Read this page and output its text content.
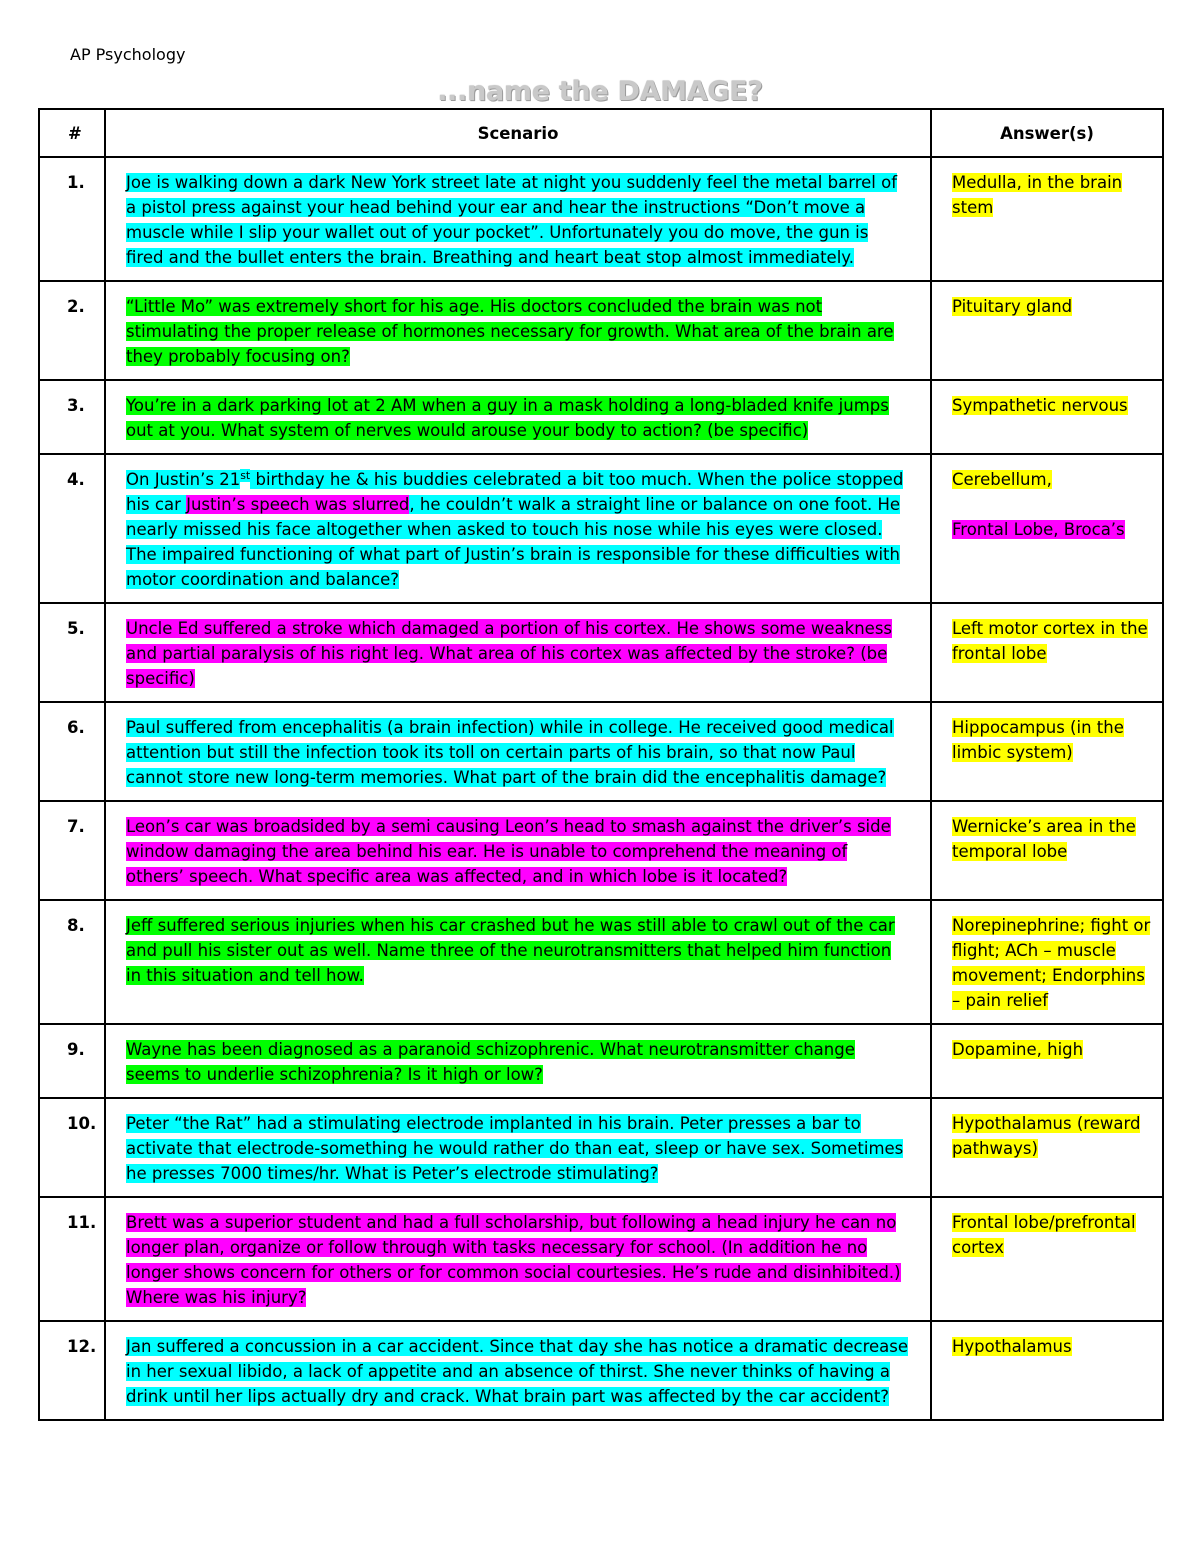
AP Psychology
...name the DAMAGE?
#	Scenario	Answer(s)
1.	Joe is walking down a dark New York street late at night you suddenly feel the metal barrel of a pistol press against your head behind your ear and hear the instructions “Don’t move a muscle while I slip your wallet out of your pocket”. Unfortunately you do move, the gun is fired and the bullet enters the brain. Breathing and heart beat stop almost immediately.	Medulla, in the brain stem

2.	“Little Mo” was extremely short for his age. His doctors concluded the brain was not stimulating the proper release of hormones necessary for growth. What area of the brain are they probably focusing on?	Pituitary gland

3.	You’re in a dark parking lot at 2 AM when a guy in a mask holding a long-bladed knife jumps out at you. What system of nerves would arouse your body to action? (be specific)	Sympathetic nervous

4.	On Justin’s 21st birthday he & his buddies celebrated a bit too much. When the police stopped his car Justin’s speech was slurred, he couldn’t walk a straight line or balance on one foot. He nearly missed his face altogether when asked to touch his nose while his eyes were closed. The impaired functioning of what part of Justin’s brain is responsible for these difficulties with motor coordination and balance?	Cerebellum,
Frontal Lobe, Broca’s

5.	Uncle Ed suffered a stroke which damaged a portion of his cortex. He shows some weakness and partial paralysis of his right leg. What area of his cortex was affected by the stroke? (be specific)	Left motor cortex in the frontal lobe

6.	Paul suffered from encephalitis (a brain infection) while in college. He received good medical attention but still the infection took its toll on certain parts of his brain, so that now Paul cannot store new long-term memories. What part of the brain did the encephalitis damage?	Hippocampus (in the limbic system)

7.	Leon’s car was broadsided by a semi causing Leon’s head to smash against the driver’s side window damaging the area behind his ear. He is unable to comprehend the meaning of others’ speech. What specific area was affected, and in which lobe is it located?	Wernicke’s area in the temporal lobe

8.	Jeff suffered serious injuries when his car crashed but he was still able to crawl out of the car and pull his sister out as well. Name three of the neurotransmitters that helped him function in this situation and tell how.	Norepinephrine; fight or flight; ACh – muscle movement; Endorphins – pain relief

9.	Wayne has been diagnosed as a paranoid schizophrenic. What neurotransmitter change seems to underlie schizophrenia? Is it high or low?	Dopamine, high

10.	Peter “the Rat” had a stimulating electrode implanted in his brain. Peter presses a bar to activate that electrode-something he would rather do than eat, sleep or have sex. Sometimes he presses 7000 times/hr. What is Peter’s electrode stimulating?	Hypothalamus (reward pathways)

11.	Brett was a superior student and had a full scholarship, but following a head injury he can no longer plan, organize or follow through with tasks necessary for school. (In addition he no longer shows concern for others or for common social courtesies. He’s rude and disinhibited.) Where was his injury?	Frontal lobe/prefrontal cortex

12.	Jan suffered a concussion in a car accident. Since that day she has notice a dramatic decrease in her sexual libido, a lack of appetite and an absence of thirst. She never thinks of having a drink until her lips actually dry and crack. What brain part was affected by the car accident?	Hypothalamus
